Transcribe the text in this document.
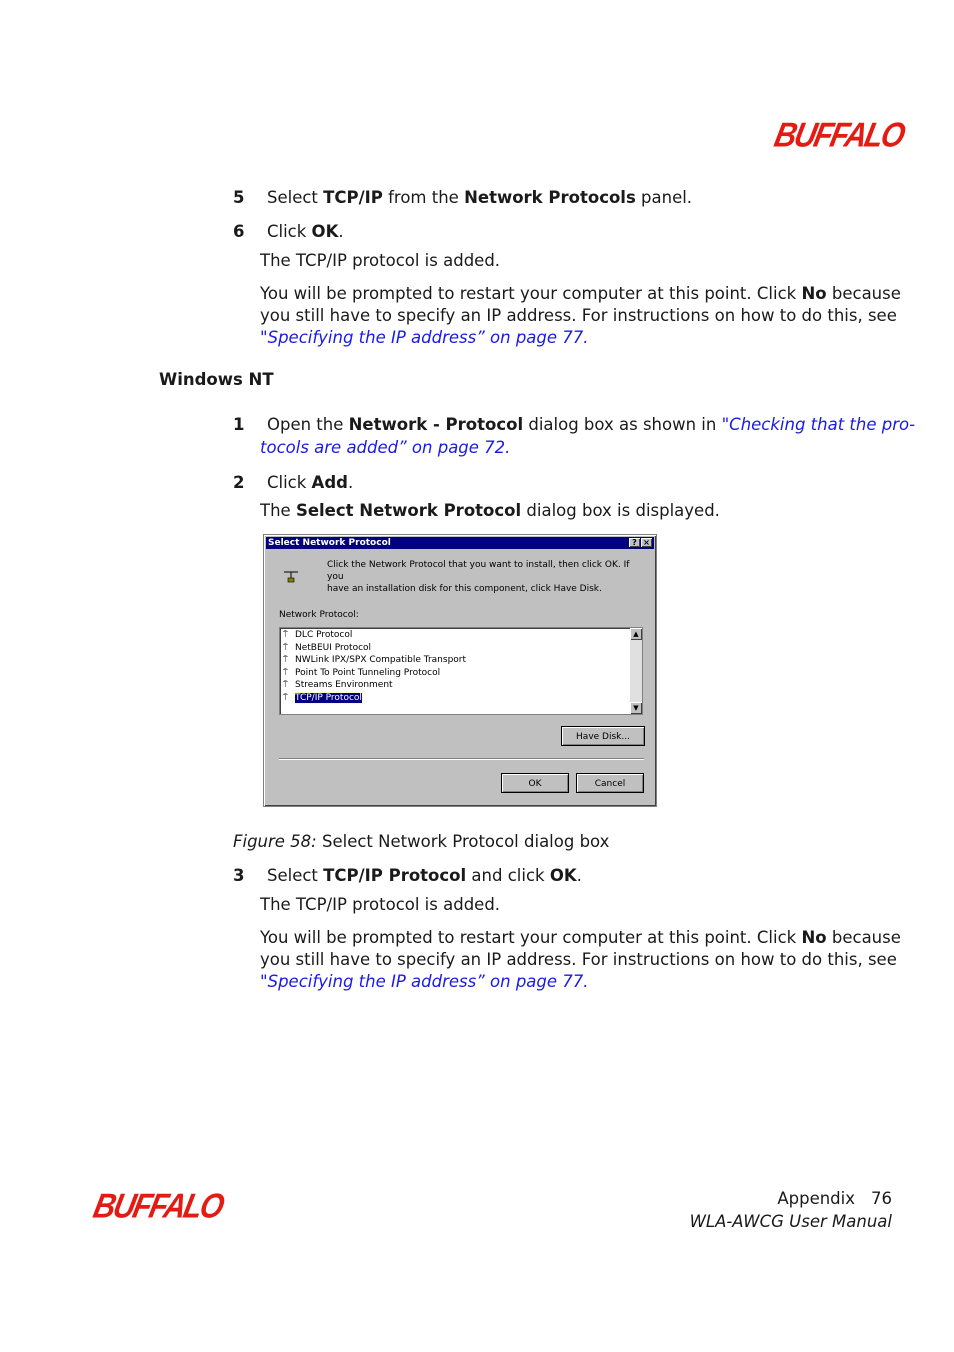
BUFFALO
5 Select TCP/IP from the Network Protocols panel.
6 Click OK.
The TCP/IP protocol is added.
You will be prompted to restart your computer at this point. Click No because
you still have to specify an IP address. For instructions on how to do this, see
"Specifying the IP address” on page 77.
Windows NT
1 Open the Network - Protocol dialog box as shown in "Checking that the pro-
tocols are added” on page 72.
2 Click Add.
The Select Network Protocol dialog box is displayed.
Select Network Protocol	? ×
Click the Network Protocol that you want to install, then click OK. If you
have an installation disk for this component, click Have Disk.
Network Protocol:
⍑ DLC Protocol
⍑ NetBEUI Protocol
⍑ NWLink IPX/SPX Compatible Transport
⍑ Point To Point Tunneling Protocol
⍑ Streams Environment
⍑ TCP/IP Protocol
▲
▼
Have Disk...
OK	Cancel
Figure 58: Select Network Protocol dialog box
3 Select TCP/IP Protocol and click OK.
The TCP/IP protocol is added.
You will be prompted to restart your computer at this point. Click No because
you still have to specify an IP address. For instructions on how to do this, see
"Specifying the IP address” on page 77.
BUFFALO	Appendix 76
WLA-AWCG User Manual
